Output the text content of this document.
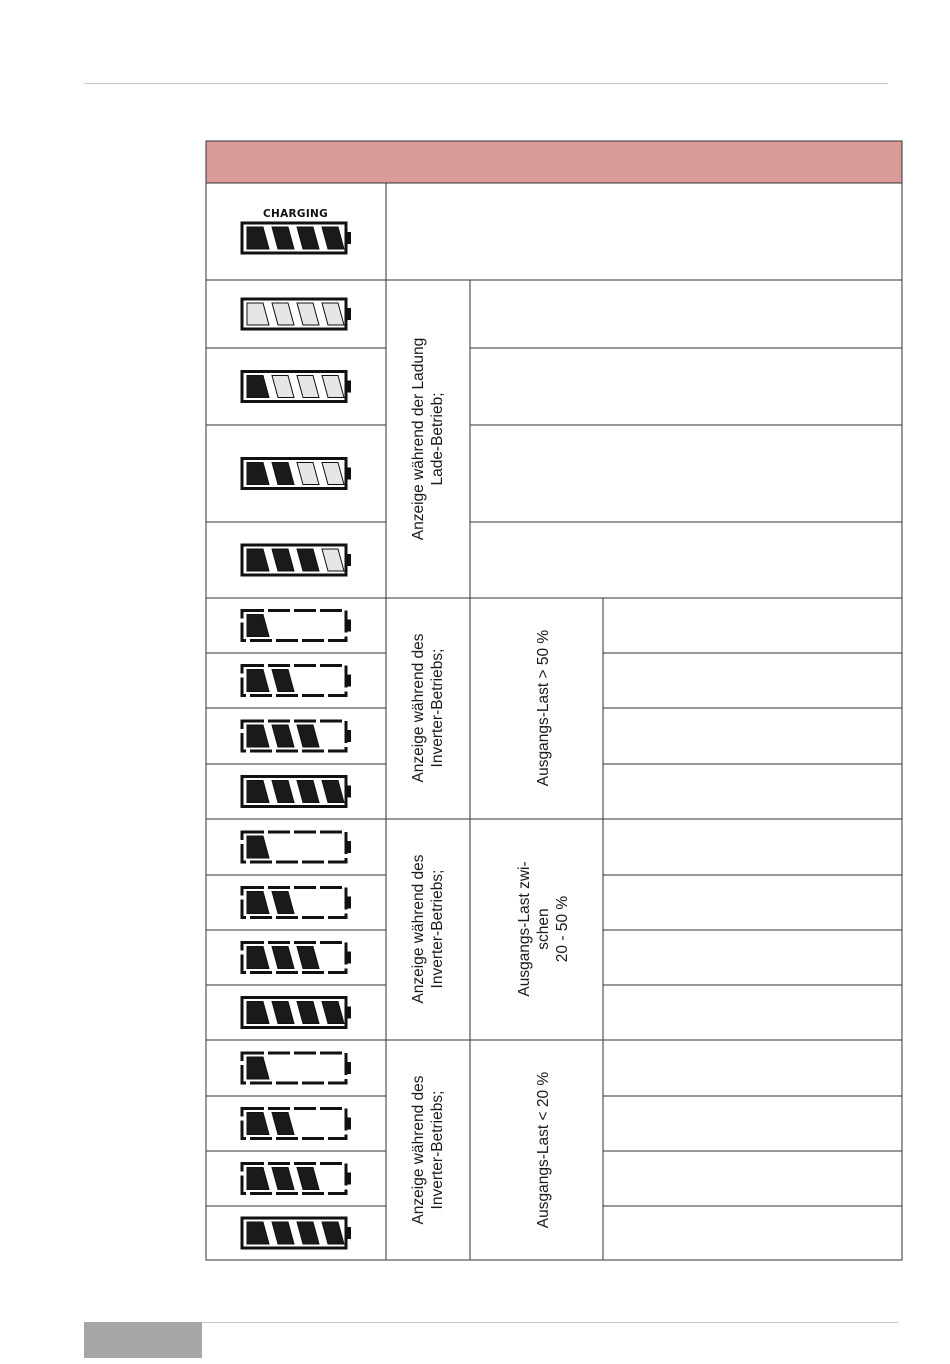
CHARGING
Anzeige während der Ladung
Lade-Betrieb;
Anzeige während des
Inverter-Betriebs;
Anzeige während des
Inverter-Betriebs;
Anzeige während des
Inverter-Betriebs;
Ausgangs-Last > 50 %
Ausgangs-Last zwi-
schen
20 - 50 %
Ausgangs-Last < 20 %
